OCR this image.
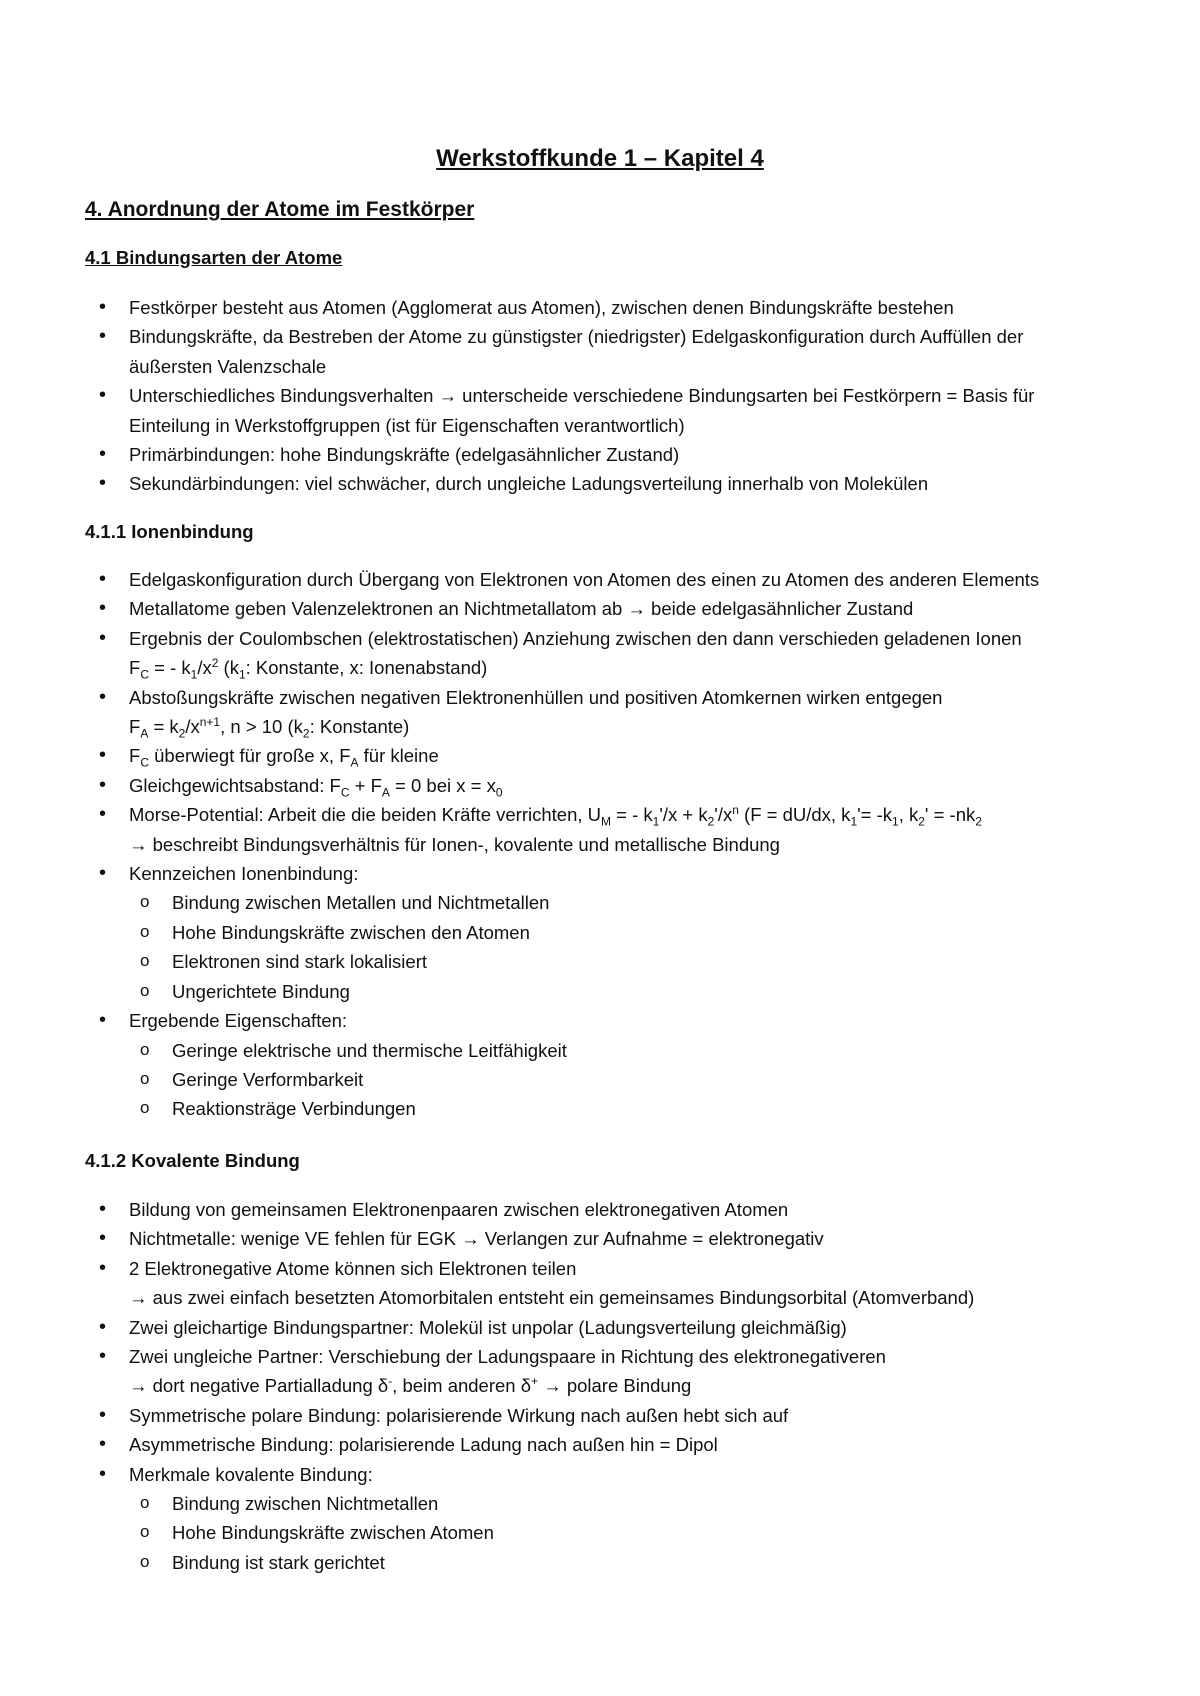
Werkstoffkunde 1 – Kapitel 4
4. Anordnung der Atome im Festkörper
4.1 Bindungsarten der Atome
• Festkörper besteht aus Atomen (Agglomerat aus Atomen), zwischen denen Bindungskräfte bestehen
• Bindungskräfte, da Bestreben der Atome zu günstigster (niedrigster) Edelgaskonfiguration durch Auffüllen der
äußersten Valenzschale
• Unterschiedliches Bindungsverhalten → unterscheide verschiedene Bindungsarten bei Festkörpern = Basis für
Einteilung in Werkstoffgruppen (ist für Eigenschaften verantwortlich)
• Primärbindungen: hohe Bindungskräfte (edelgasähnlicher Zustand)
• Sekundärbindungen: viel schwächer, durch ungleiche Ladungsverteilung innerhalb von Molekülen
4.1.1 Ionenbindung
• Edelgaskonfiguration durch Übergang von Elektronen von Atomen des einen zu Atomen des anderen Elements
• Metallatome geben Valenzelektronen an Nichtmetallatom ab → beide edelgasähnlicher Zustand
• Ergebnis der Coulombschen (elektrostatischen) Anziehung zwischen den dann verschieden geladenen Ionen
$F_C$ = - $k_1/x^2$ ($k_1$: Konstante, x: Ionenabstand)
• Abstoßungskräfte zwischen negativen Elektronenhüllen und positiven Atomkernen wirken entgegen
$F_A = k_2/x^{n+1}$, n > 10 ($k_2$: Konstante)
• $F_C$ überwiegt für große x, $F_A$ für kleine
• Gleichgewichtsabstand: $F_C + F_A = 0$ bei $x = x_0$
• Morse-Potential: Arbeit die die beiden Kräfte verrichten, $U_M$ = - $k_1'/x + k_2'/x^n$ (F = dU/dx, $k_1'= -k_1$, $k_2' = -nk_2$
→ beschreibt Bindungsverhältnis für Ionen-, kovalente und metallische Bindung
• Kennzeichen Ionenbindung:
o Bindung zwischen Metallen und Nichtmetallen
o Hohe Bindungskräfte zwischen den Atomen
o Elektronen sind stark lokalisiert
o Ungerichtete Bindung
• Ergebende Eigenschaften:
o Geringe elektrische und thermische Leitfähigkeit
o Geringe Verformbarkeit
o Reaktionsträge Verbindungen
4.1.2 Kovalente Bindung
• Bildung von gemeinsamen Elektronenpaaren zwischen elektronegativen Atomen
• Nichtmetalle: wenige VE fehlen für EGK → Verlangen zur Aufnahme = elektronegativ
• 2 Elektronegative Atome können sich Elektronen teilen
→ aus zwei einfach besetzten Atomorbitalen entsteht ein gemeinsames Bindungsorbital (Atomverband)
• Zwei gleichartige Bindungspartner: Molekül ist unpolar (Ladungsverteilung gleichmäßig)
• Zwei ungleiche Partner: Verschiebung der Ladungspaare in Richtung des elektronegativeren
→ dort negative Partialladung δ-, beim anderen δ+ → polare Bindung
• Symmetrische polare Bindung: polarisierende Wirkung nach außen hebt sich auf
• Asymmetrische Bindung: polarisierende Ladung nach außen hin = Dipol
• Merkmale kovalente Bindung:
o Bindung zwischen Nichtmetallen
o Hohe Bindungskräfte zwischen Atomen
o Bindung ist stark gerichtet
